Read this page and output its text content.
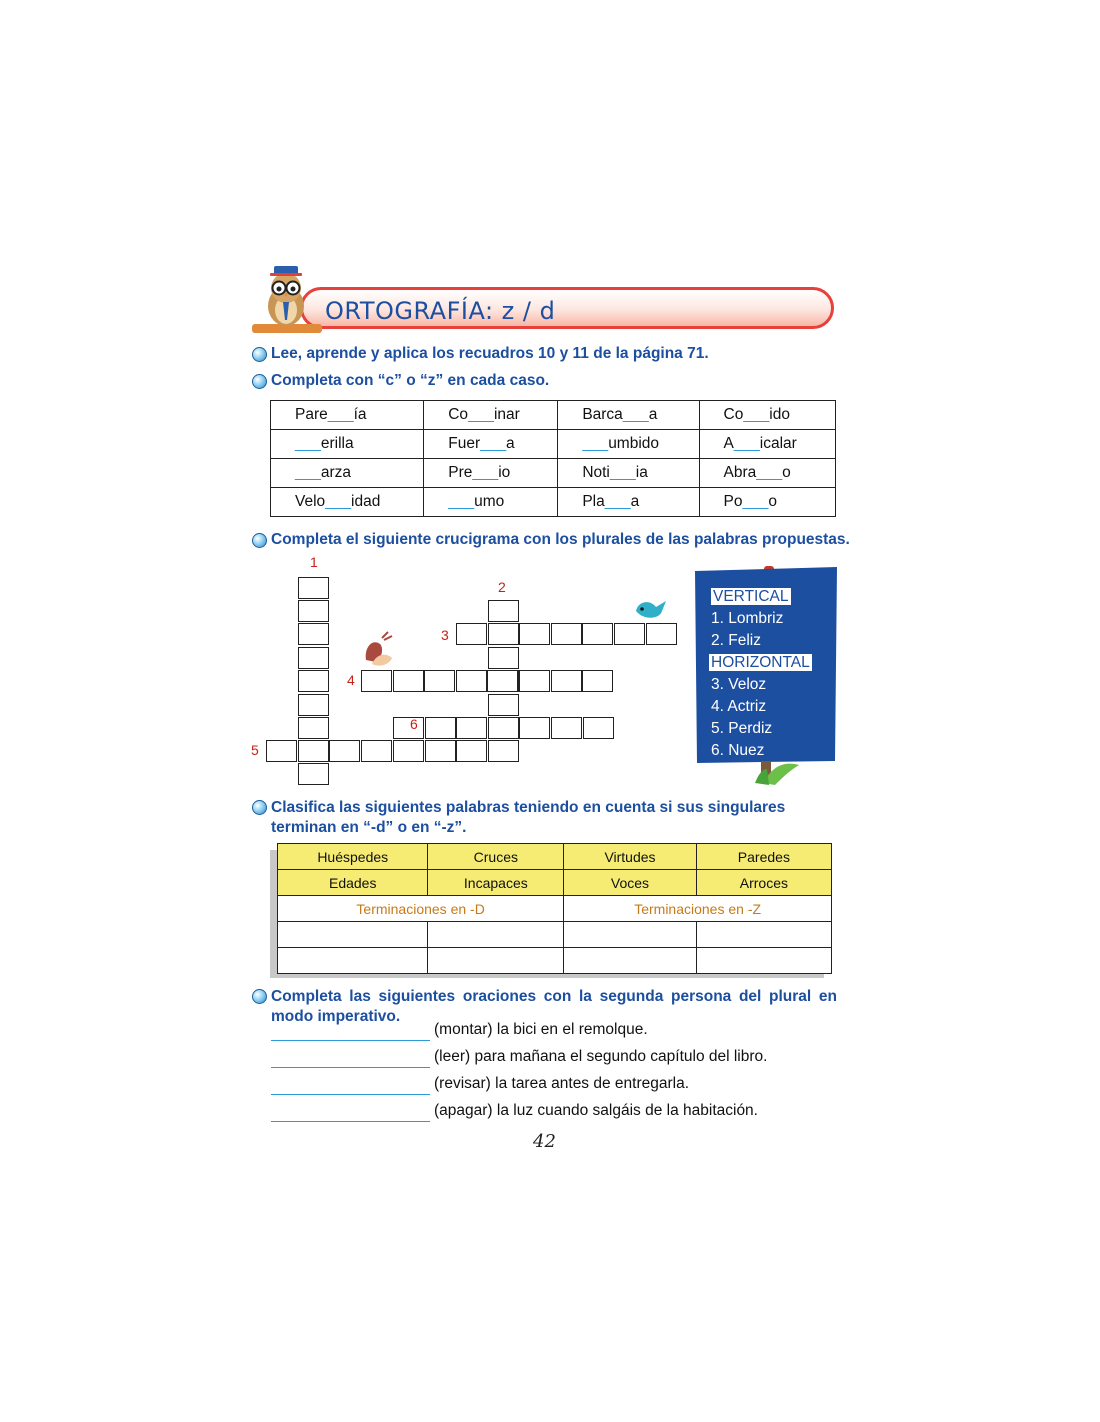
ORTOGRAFÍA: z / d
Lee, aprende y aplica los recuadros 10 y 11 de la página 71.
Completa con “c” o “z” en cada caso.
Pare___ía	Co___inar	Barca___a	Co___ido
___erilla	Fuer___a	___umbido	A___icalar
___arza	Pre___io	Noti___ia	Abra___o
Velo___idad	___umo	Pla___a	Po___o
Completa el siguiente crucigrama con los plurales de las palabras propuestas.
1
2
3
4
5
6
VERTICAL
1. Lombriz
2. Feliz
HORIZONTAL
3. Veloz
4. Actriz
5. Perdiz
6. Nuez
Clasifica las siguientes palabras teniendo en cuenta si sus singulares terminan en “-d” o en “-z”.
Huéspedes	Cruces	Virtudes	Paredes
Edades	Incapaces	Voces	Arroces
Terminaciones en -D		Terminaciones en -Z	

Completa las siguientes oraciones con la segunda persona del plural en modo imperativo.
(montar) la bici en el remolque.
(leer) para mañana el segundo capítulo del libro.
(revisar) la tarea antes de entregarla.
(apagar) la luz cuando salgáis de la habitación.
42
